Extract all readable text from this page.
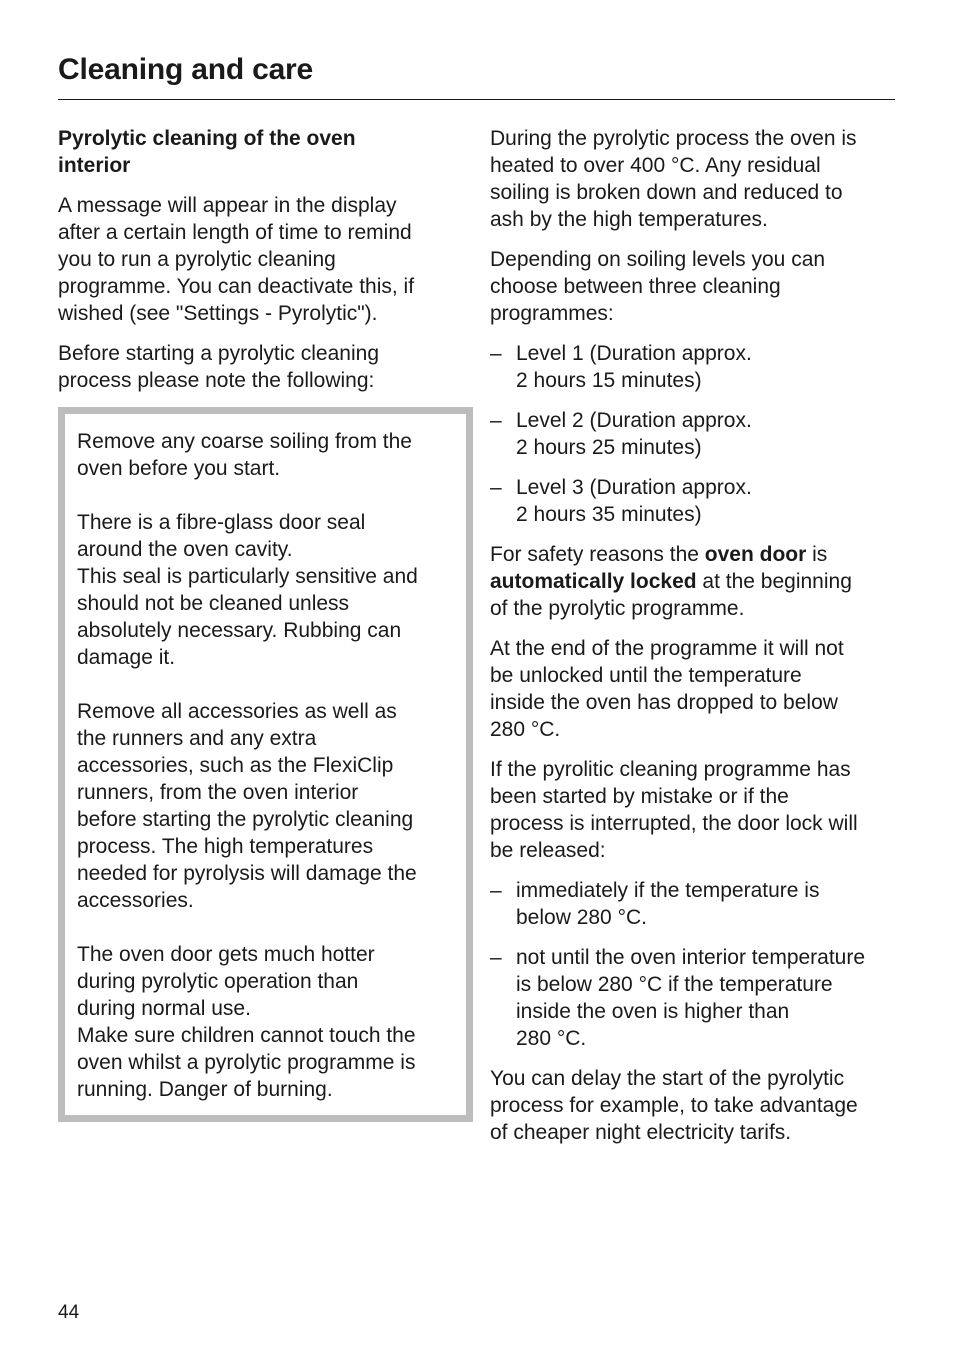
Cleaning and care
Pyrolytic cleaning of the oven
interior

A message will appear in the display
after a certain length of time to remind
you to run a pyrolytic cleaning
programme. You can deactivate this, if
wished (see "Settings - Pyrolytic").

Before starting a pyrolytic cleaning
process please note the following:

Remove any coarse soiling from the
oven before you start.

There is a fibre-glass door seal
around the oven cavity.
This seal is particularly sensitive and
should not be cleaned unless
absolutely necessary. Rubbing can
damage it.

Remove all accessories as well as
the runners and any extra
accessories, such as the FlexiClip
runners, from the oven interior
before starting the pyrolytic cleaning
process. The high temperatures
needed for pyrolysis will damage the
accessories.

The oven door gets much hotter
during pyrolytic operation than
during normal use.
Make sure children cannot touch the
oven whilst a pyrolytic programme is
running. Danger of burning.

During the pyrolytic process the oven is
heated to over 400 °C. Any residual
soiling is broken down and reduced to
ash by the high temperatures.

Depending on soiling levels you can
choose between three cleaning
programmes:

– Level 1 (Duration approx.
2 hours 15 minutes)
– Level 2 (Duration approx.
2 hours 25 minutes)
– Level 3 (Duration approx.
2 hours 35 minutes)

For safety reasons the oven door is
automatically locked at the beginning
of the pyrolytic programme.

At the end of the programme it will not
be unlocked until the temperature
inside the oven has dropped to below
280 °C.

If the pyrolitic cleaning programme has
been started by mistake or if the
process is interrupted, the door lock will
be released:

– immediately if the temperature is
below 280 °C.
– not until the oven interior temperature
is below 280 °C if the temperature
inside the oven is higher than
280 °C.

You can delay the start of the pyrolytic
process for example, to take advantage
of cheaper night electricity tarifs.

44
